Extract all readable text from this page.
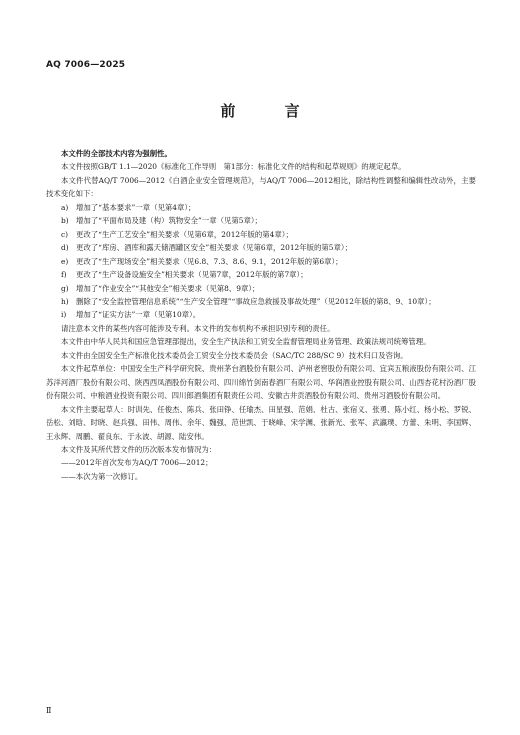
AQ 7006—2025
前 言

本文件的全部技术内容为强制性。

本文件按照GB/T 1.1—2020《标准化工作导则　第1部分：标准化文件的结构和起草规则》的规定起草。

本文件代替AQ/T 7006—2012《白酒企业安全管理规范》，与AQ/T 7006—2012相比，除结构性调整和编辑性改动外，主要技术变化如下：

a)	增加了“基本要求”一章（见第4章）；
b) 增加了“平面布局及建（构）筑物安全”一章（见第5章）；
c)	更改了“生产工艺安全”相关要求（见第6章，2012年版的第4章）；
d) 更改了“库房、酒库和露天储酒罐区安全”相关要求（见第6章，2012年版的第5章）；
e)	更改了“生产现场安全”相关要求（见6.8、7.3、8.6、9.1，2012年版的第6章）；
f)	更改了“生产设备设施安全”相关要求（见第7章，2012年版的第7章）；
g) 增加了“作业安全”“其他安全”相关要求（见第8、9章）；
h) 删除了“安全监控管理信息系统”“生产安全管理”“事故应急救援及事故处理”（见2012年版的第8、9、10章）；
i)	增加了“证实方法”一章（见第10章）。

请注意本文件的某些内容可能涉及专利。本文件的发布机构不承担识别专利的责任。

本文件由中华人民共和国应急管理部提出，安全生产执法和工贸安全监督管理局业务管理、政策法规司统筹管理。

本文件由全国安全生产标准化技术委员会工贸安全分技术委员会（SAC/TC 288/SC 9）技术归口及咨询。

本文件起草单位：中国安全生产科学研究院、贵州茅台酒股份有限公司、泸州老窖股份有限公司、宜宾五粮液股份有限公司、江苏洋河酒厂股份有限公司、陕西西凤酒股份有限公司、四川绵竹剑南春酒厂有限公司、华润酒业控股有限公司、山西杏花村汾酒厂股份有限公司、中粮酒业投资有限公司、四川郎酒集团有限责任公司、安徽古井贡酒股份有限公司、贵州习酒股份有限公司。

本文件主要起草人：时训先、任俊杰、陈兵、张田铮、任瑜杰、田星强、范娟、杜古、张宿义、张勇、陈小红、杨小松、罗锐、岳松、刘晗、时晓、赵兵强、田伟、周伟、余年、魏强、范世凯、于晓峰、宋学渊、张新光、张军、武瀛璞、方蕾、朱明、李国辉、王永辉、周鹏、翟良东、于永波、胡源、陆安伟。

本文件及其所代替文件的历次版本发布情况为：

——2012年首次发布为AQ/T 7006—2012；

——本次为第一次修订。

Ⅱ
